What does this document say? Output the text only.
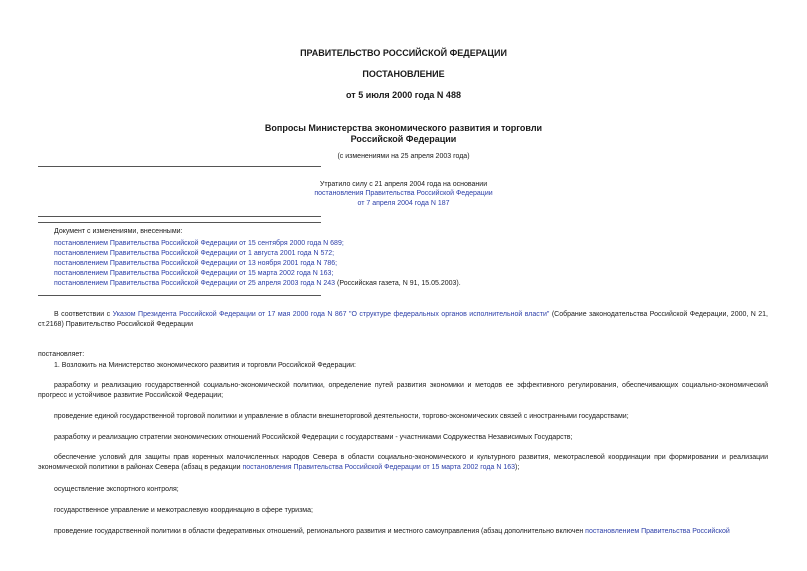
ПРАВИТЕЛЬСТВО РОССИЙСКОЙ ФЕДЕРАЦИИ
ПОСТАНОВЛЕНИЕ
от 5 июля 2000 года N 488
Вопросы Министерства экономического развития и торговли
Российской Федерации
(с изменениями на 25 апреля 2003 года)
Утратило силу с 21 апреля 2004 года на основании
постановления Правительства Российской Федерации
от 7 апреля 2004 года N 187
Документ с изменениями, внесенными:
постановлением Правительства Российской Федерации от 15 сентября 2000 года N 689;
постановлением Правительства Российской Федерации от 1 августа 2001 года N 572;
постановлением Правительства Российской Федерации от 13 ноября 2001 года N 786;
постановлением Правительства Российской Федерации от 15 марта 2002 года N 163;
постановлением Правительства Российской Федерации от 25 апреля 2003 года N 243 (Российская газета, N 91, 15.05.2003).
В соответствии с Указом Президента Российской Федерации от 17 мая 2000 года N 867 "О структуре федеральных органов исполнительной власти" (Собрание законодательства Российской Федерации, 2000, N 21, ст.2168) Правительство Российской Федерации
постановляет:
1. Возложить на Министерство экономического развития и торговли Российской Федерации:
разработку и реализацию государственной социально-экономической политики, определение путей развития экономики и методов ее эффективного регулирования, обеспечивающих социально-экономический прогресс и устойчивое развитие Российской Федерации;
проведение единой государственной торговой политики и управление в области внешнеторговой деятельности, торгово-экономических связей с иностранными государствами;
разработку и реализацию стратегии экономических отношений Российской Федерации с государствами - участниками Содружества Независимых Государств;
обеспечение условий для защиты прав коренных малочисленных народов Севера в области социально-экономического и культурного развития, межотраслевой координации при формировании и реализации экономической политики в районах Севера (абзац в редакции постановления Правительства Российской Федерации от 15 марта 2002 года N 163);
осуществление экспортного контроля;
государственное управление и межотраслевую координацию в сфере туризма;
проведение государственной политики в области федеративных отношений, регионального развития и местного самоуправления (абзац дополнительно включен постановлением Правительства Российской
